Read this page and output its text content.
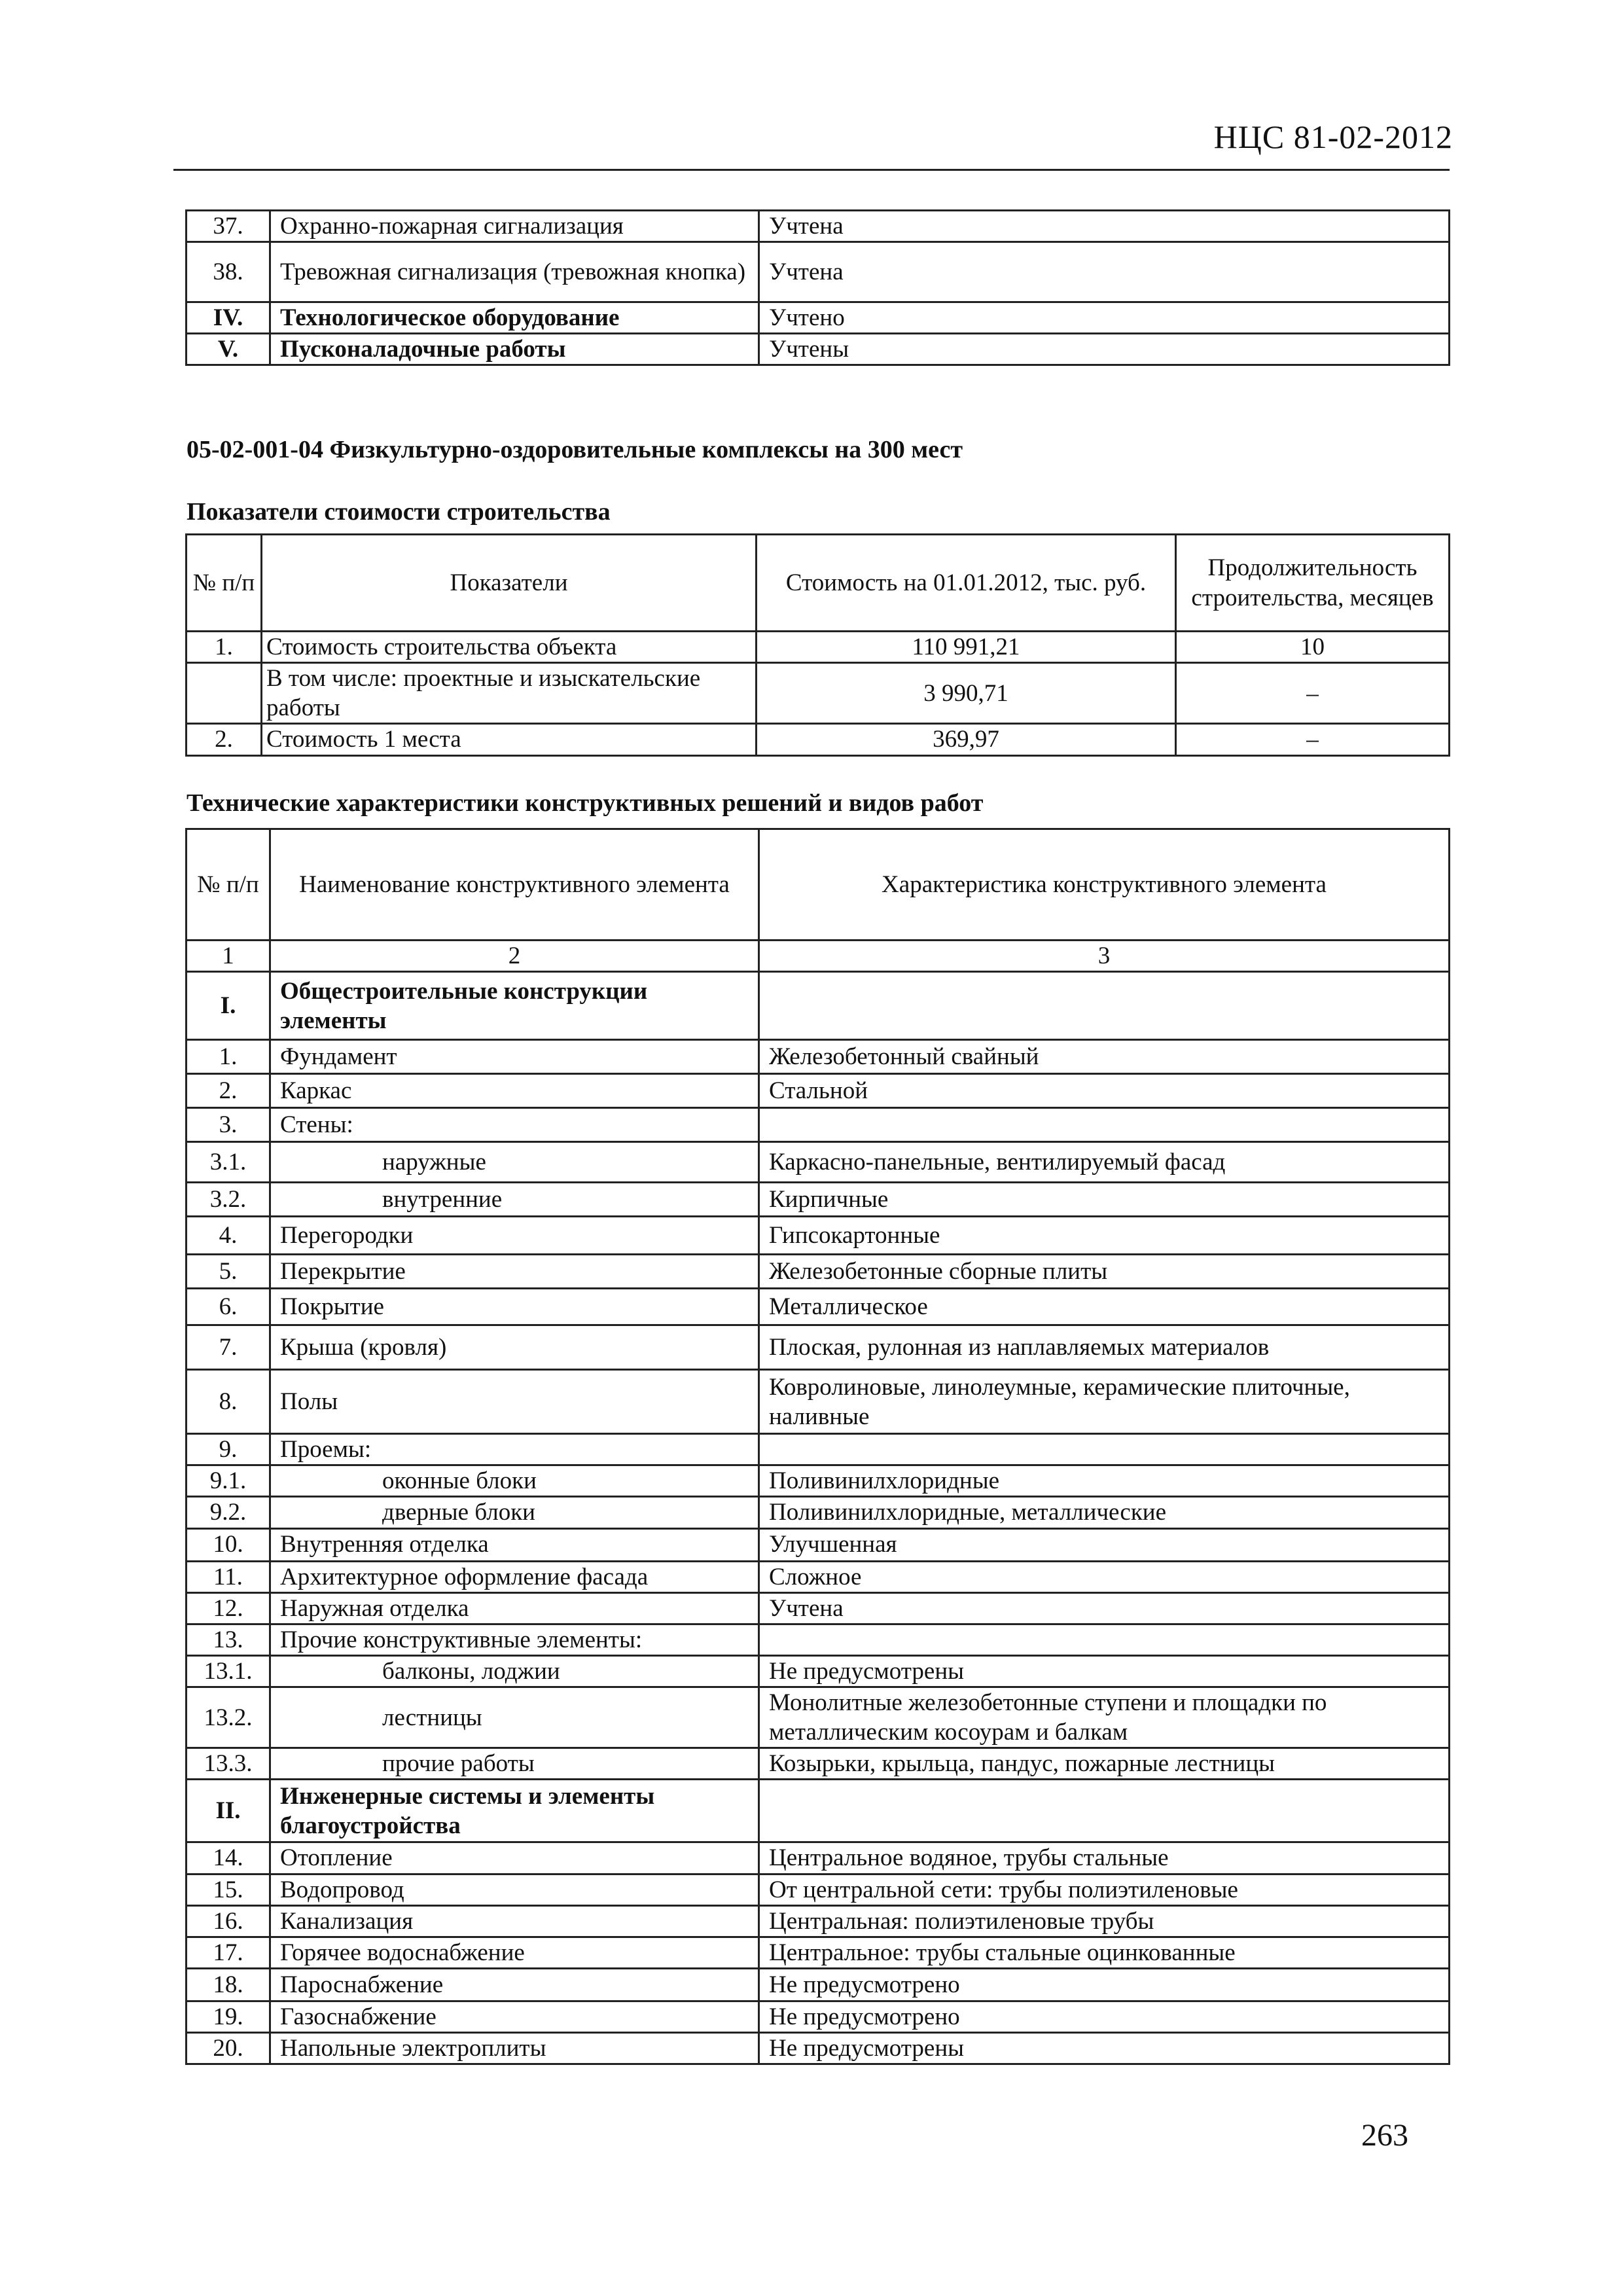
НЦС 81-02-2012
37.	Охранно-пожарная сигнализация	Учтена
38.	Тревожная сигнализация (тревожная кнопка)	Учтена
IV.	Технологическое оборудование	Учтено
V.	Пусконаладочные работы	Учтены
05-02-001-04 Физкультурно-оздоровительные комплексы на 300 мест
Показатели стоимости строительства
№ п/п	Показатели	Стоимость на 01.01.2012, тыс. руб.	Продолжительность строительства, месяцев
1.	Стоимость строительства объекта	110 991,21	10
	В том числе: проектные и изыскательские работы	3 990,71	–
2.	Стоимость 1 места	369,97	–
Технические характеристики конструктивных решений и видов работ
№ п/п	Наименование конструктивного элемента	Характеристика конструктивного элемента
1	2	3
I.	Общестроительные конструкции элементы	
1.	Фундамент	Железобетонный свайный
2.	Каркас	Стальной
3.	Стены:	
3.1.	наружные	Каркасно-панельные, вентилируемый фасад
3.2.	внутренние	Кирпичные
4.	Перегородки	Гипсокартонные
5.	Перекрытие	Железобетонные сборные плиты
6.	Покрытие	Металлическое
7.	Крыша (кровля)	Плоская, рулонная из наплавляемых материалов
8.	Полы	Ковролиновые, линолеумные, керамические плиточные, наливные
9.	Проемы:	
9.1.	оконные блоки	Поливинилхлоридные
9.2.	дверные блоки	Поливинилхлоридные, металлические
10.	Внутренняя отделка	Улучшенная
11.	Архитектурное оформление фасада	Сложное
12.	Наружная отделка	Учтена
13.	Прочие конструктивные элементы:	
13.1.	балконы, лоджии	Не предусмотрены
13.2.	лестницы	Монолитные железобетонные ступени и площадки по металлическим косоурам и балкам
13.3.	прочие работы	Козырьки, крыльца, пандус, пожарные лестницы
II.	Инженерные системы и элементы благоустройства	
14.	Отопление	Центральное водяное, трубы стальные
15.	Водопровод	От центральной сети: трубы полиэтиленовые
16.	Канализация	Центральная: полиэтиленовые трубы
17.	Горячее водоснабжение	Центральное: трубы стальные оцинкованные
18.	Пароснабжение	Не предусмотрено
19.	Газоснабжение	Не предусмотрено
20.	Напольные электроплиты	Не предусмотрены
263
